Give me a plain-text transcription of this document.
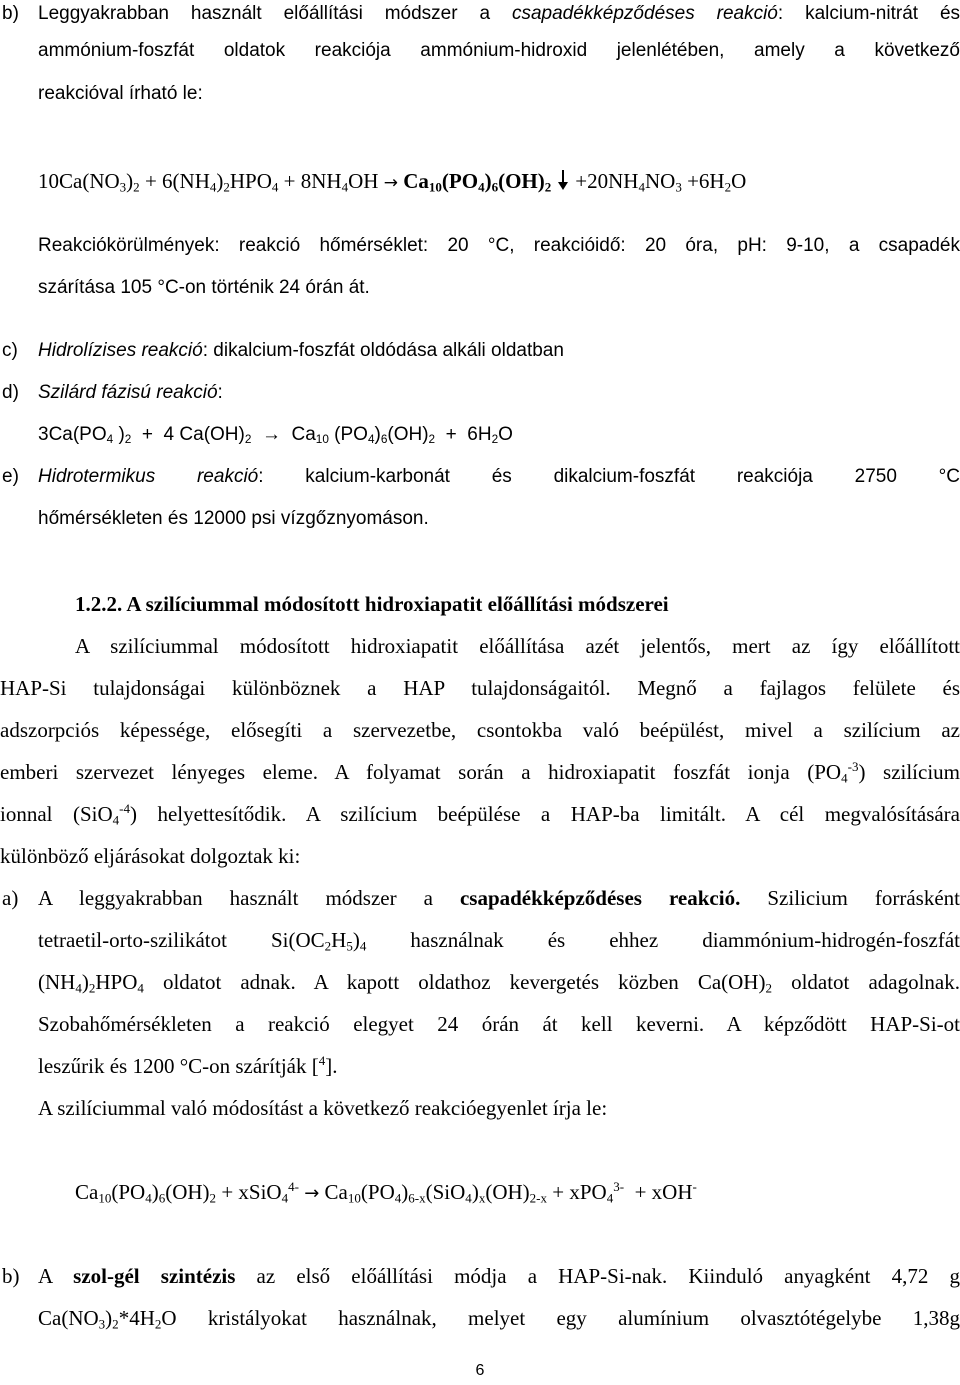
b) Leggyakrabban használt előállítási módszer a csapadékképződéses reakció: kalcium-nitrát és
ammónium-foszfát oldatok reakciója ammónium-hidroxid jelenlétében, amely a következő
reakcióval írható le:
$10Ca(NO_3)_2 + 6(NH_4)_2HPO_4 + 8NH_4OH \to Ca_{10}(PO_4)_6(OH)_2 +20NH_4NO_3 +6H_2O$
Reakciókörülmények: reakció hőmérséklet: 20 °C, reakcióidő: 20 óra, pH: 9-10, a csapadék
szárítása 105 °C-on történik 24 órán át.
c) Hidrolízises reakció: dikalcium-foszfát oldódása alkáli oldatban
d) Szilárd fázisú reakció:
$3Ca(PO_4$ )$_2 + 4$ $Ca(OH)_2 \to Ca_{10}$ $(PO_4)_6(OH)_2 + 6H_2O$
e) Hidrotermikus reakció: kalcium-karbonát és dikalcium-foszfát reakciója 2750 °C
hőmérsékleten és 12000 psi vízgőznyomáson.
1.2.2. A szilíciummal módosított hidroxiapatit előállítási módszerei
A szilíciummal módosított hidroxiapatit előállítása azét jelentős, mert az így előállított
HAP-Si tulajdonságai különböznek a HAP tulajdonságaitól. Megnő a fajlagos felülete és
adszorpciós képessége, elősegíti a szervezetbe, csontokba való beépülést, mivel a szilícium az
emberi szervezet lényeges eleme. A folyamat során a hidroxiapatit foszfát ionja $(PO_4^{-3})$ szilícium
ionnal (SiO$_4^{-4}$) helyettesítődik. A szilícium beépülése a HAP-ba limitált. A cél megvalósítására
különböző eljárásokat dolgoztak ki:
a) A leggyakrabban használt módszer a csapadékképződéses reakció. Szilicium forrásként
tetraetil-orto-szilikátot $Si(OC_2H_5)_4$ használnak és ehhez diammónium-hidrogén-foszfát
$(NH_4)_2HPO_4$ oldatot adnak. A kapott oldathoz kevergetés közben $Ca(OH)_2$ oldatot adagolnak.
Szobahőmérsékleten a reakció elegyet 24 órán át kell keverni. A képződött HAP-Si-ot
leszűrik és 1200 °C-on szárítják [$^4$].
A szilíciummal való módosítást a következő reakcióegyenlet írja le:
$Ca_{10}(PO_4)_6(OH)_2$ + xSiO$_4^{4-}$ → $Ca_{10}(PO_4)_{6-x}(SiO_4)_x(OH)_{2-x} + xPO_4^{3-} + xOH^-$
b) A szol-gél szintézis az első előállítási módja a HAP-Si-nak. Kiinduló anyagként 4,72 g
$Ca(NO_3)_2*4H_2O$ kristályokat használnak, melyet egy alumínium olvasztótégelybe 1,38g
6
